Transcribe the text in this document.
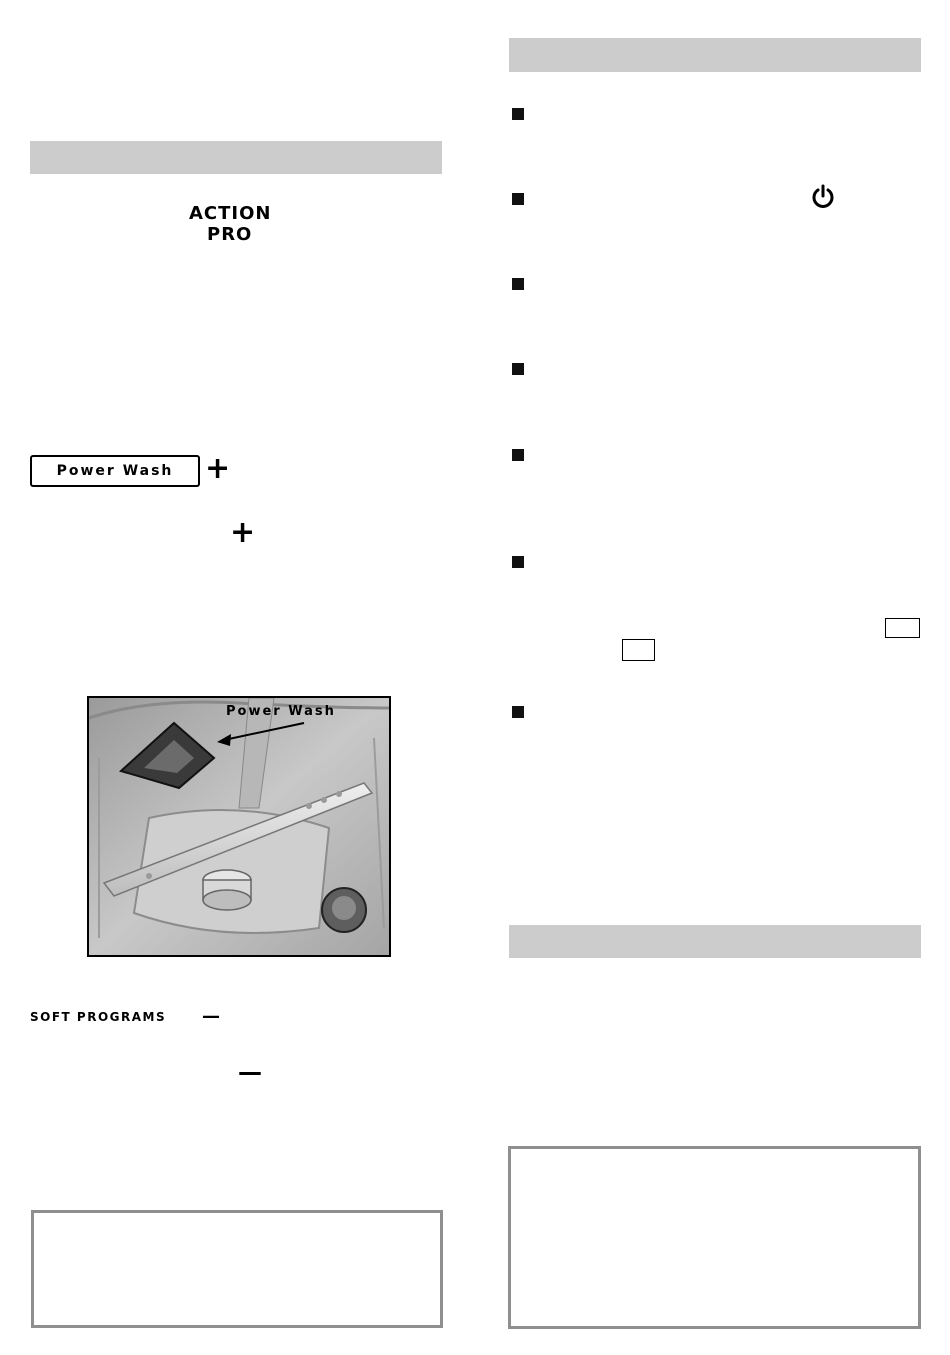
ACTION
PRO
Power Wash	+
+
Power Wash
SOFT PROGRAMS —
—
